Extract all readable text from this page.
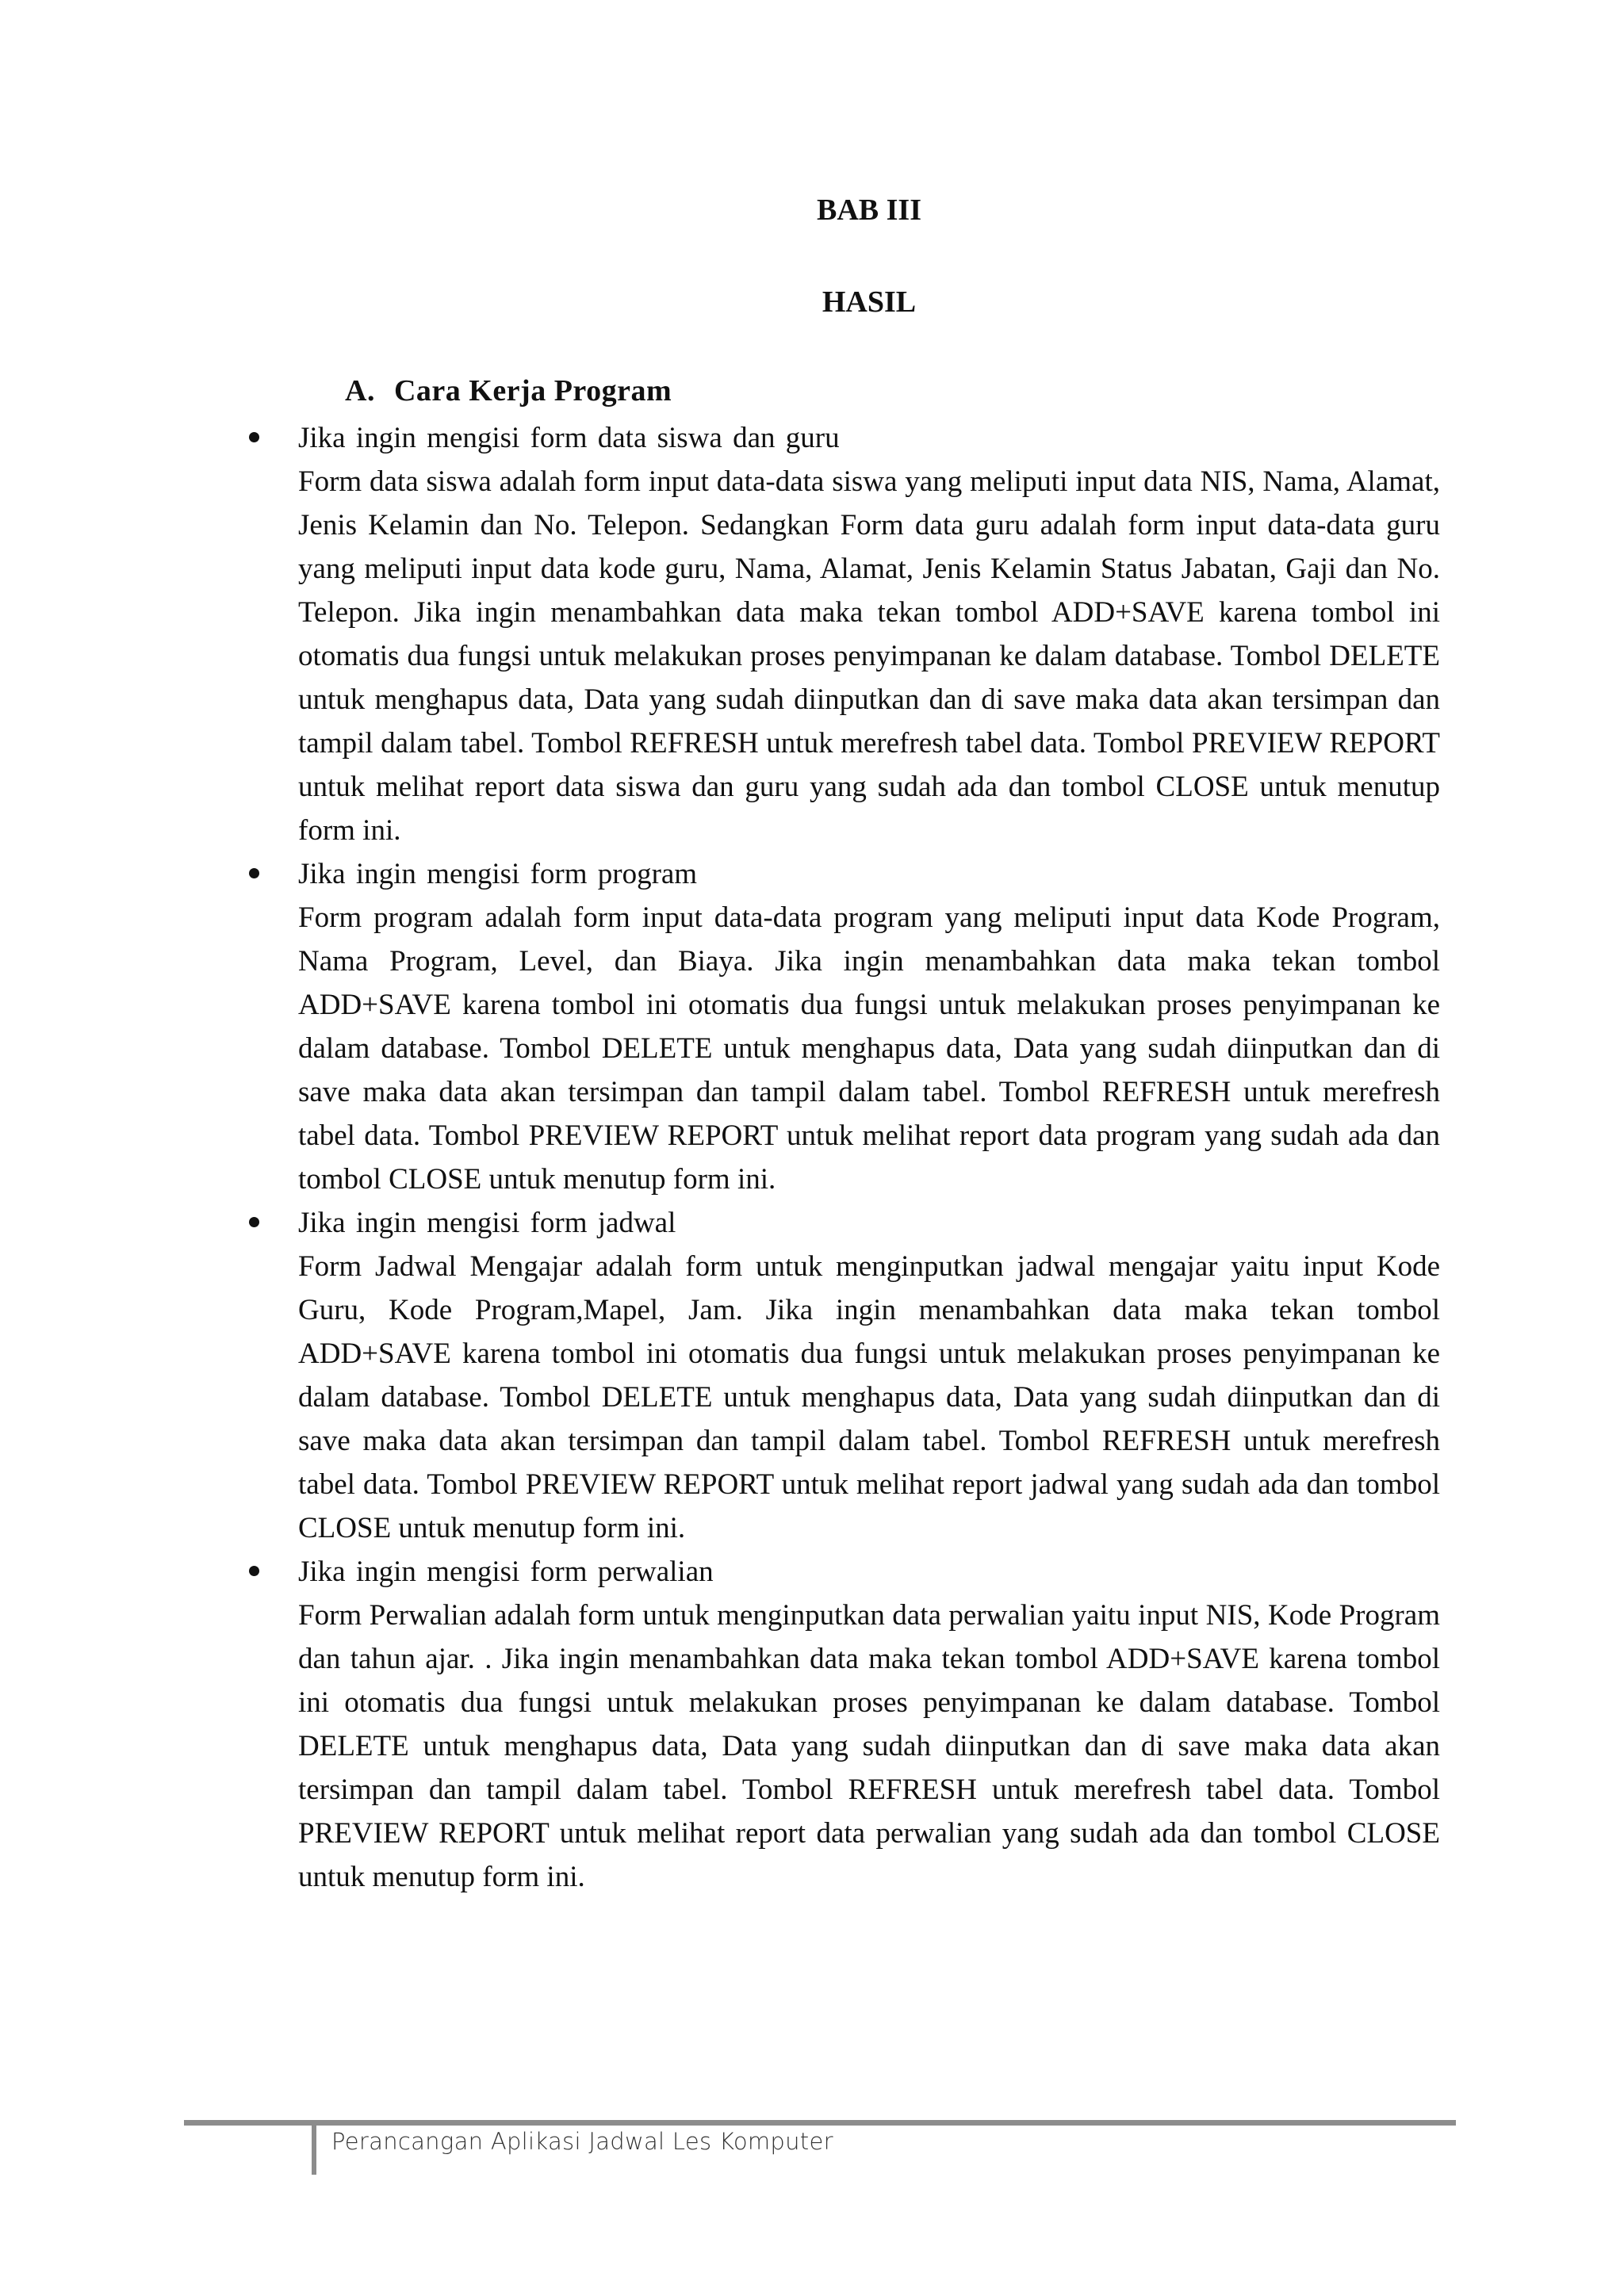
BAB III
HASIL
A. Cara Kerja Program
Jika ingin mengisi form data siswa dan guru
Form data siswa adalah form input data-data siswa yang meliputi input data NIS, Nama, Alamat, Jenis Kelamin dan No. Telepon. Sedangkan Form data guru adalah form input data-data guru yang meliputi input data kode guru, Nama, Alamat, Jenis Kelamin Status Jabatan, Gaji dan No. Telepon. Jika ingin menambahkan data maka tekan tombol ADD+SAVE karena tombol ini otomatis dua fungsi untuk melakukan proses penyimpanan ke dalam database. Tombol DELETE untuk menghapus data, Data yang sudah diinputkan dan di save maka data akan tersimpan dan tampil dalam tabel. Tombol REFRESH untuk merefresh tabel data. Tombol PREVIEW REPORT untuk melihat report data siswa dan guru yang sudah ada dan tombol CLOSE untuk menutup form ini.
Jika ingin mengisi form program
Form program adalah form input data-data program yang meliputi input data Kode Program, Nama Program, Level, dan Biaya. Jika ingin menambahkan data maka tekan tombol ADD+SAVE karena tombol ini otomatis dua fungsi untuk melakukan proses penyimpanan ke dalam database. Tombol DELETE untuk menghapus data, Data yang sudah diinputkan dan di save maka data akan tersimpan dan tampil dalam tabel. Tombol REFRESH untuk merefresh tabel data. Tombol PREVIEW REPORT untuk melihat report data program yang sudah ada dan tombol CLOSE untuk menutup form ini.
Jika ingin mengisi form jadwal
Form Jadwal Mengajar adalah form untuk menginputkan jadwal mengajar yaitu input Kode Guru, Kode Program,Mapel, Jam. Jika ingin menambahkan data maka tekan tombol ADD+SAVE karena tombol ini otomatis dua fungsi untuk melakukan proses penyimpanan ke dalam database. Tombol DELETE untuk menghapus data, Data yang sudah diinputkan dan di save maka data akan tersimpan dan tampil dalam tabel. Tombol REFRESH untuk merefresh tabel data. Tombol PREVIEW REPORT untuk melihat report jadwal yang sudah ada dan tombol CLOSE untuk menutup form ini.
Jika ingin mengisi form perwalian
Form Perwalian adalah form untuk menginputkan data perwalian yaitu input NIS, Kode Program dan tahun ajar. . Jika ingin menambahkan data maka tekan tombol ADD+SAVE karena tombol ini otomatis dua fungsi untuk melakukan proses penyimpanan ke dalam database. Tombol DELETE untuk menghapus data, Data yang sudah diinputkan dan di save maka data akan tersimpan dan tampil dalam tabel. Tombol REFRESH untuk merefresh tabel data. Tombol PREVIEW REPORT untuk melihat report data perwalian yang sudah ada dan tombol CLOSE untuk menutup form ini.

Perancangan Aplikasi Jadwal Les Komputer
